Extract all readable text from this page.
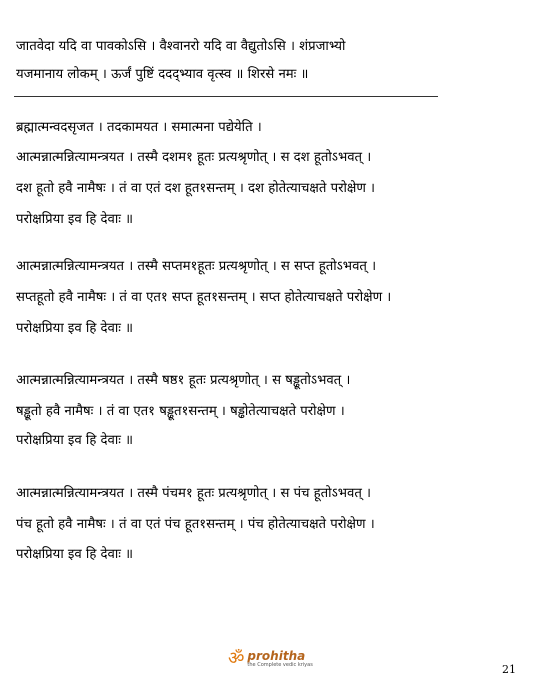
जातवेदा यदि वा पावकोऽसि । वैश्वानरो यदि वा वैद्युतोऽसि । शंप्रजाभ्यो
यजमानाय लोकम् । ऊर्जं पुष्टिं ददद्भ्याव वृत्स्व ॥ शिरसे नमः ॥
ब्रह्मात्मन्वदसृजत । तदकामयत । समात्मना पद्येयेति ।
आत्मन्नात्मन्नित्यामन्त्रयत । तस्मै दशम१ हूतः प्रत्यश्रृणोत् । स दश हूतोऽभवत् ।
दश हूतो हवै नामैषः । तं वा एतं दश हूत१सन्तम् । दश होतेत्याचक्षते परोक्षेण ।
परोक्षप्रिया इव हि देवाः ॥
आत्मन्नात्मन्नित्यामन्त्रयत । तस्मै सप्तम१हूतः प्रत्यश्रृणोत् । स सप्त हूतोऽभवत् ।
सप्तहूतो हवै नामैषः । तं वा एत१ सप्त हूत१सन्तम् । सप्त होतेत्याचक्षते परोक्षेण ।
परोक्षप्रिया इव हि देवाः ॥
आत्मन्नात्मन्नित्यामन्त्रयत । तस्मै षष्ठ१ हूतः प्रत्यश्रृणोत् । स षड्ढूतोऽभवत् ।
षड्ढूतो हवै नामैषः । तं वा एत१ षड्ढूत१सन्तम् । षड्ढोतेत्याचक्षते परोक्षेण ।
परोक्षप्रिया इव हि देवाः ॥
आत्मन्नात्मन्नित्यामन्त्रयत । तस्मै पंचम१ हूतः प्रत्यश्रृणोत् । स पंच हूतोऽभवत् ।
पंच हूतो हवै नामैषः । तं वा एतं पंच हूत१सन्तम् । पंच होतेत्याचक्षते परोक्षेण ।
परोक्षप्रिया इव हि देवाः ॥
ॐ prohitha
the Complete vedic kriyas	21
